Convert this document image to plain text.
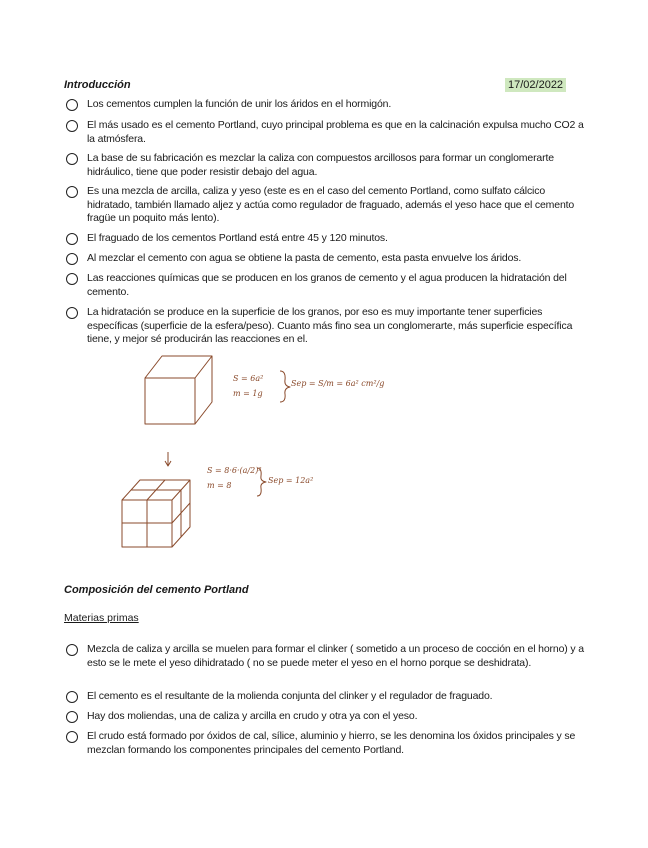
Introducción	17/02/2022
Los cementos cumplen la función de unir los áridos en el hormigón.
El más usado es el cemento Portland, cuyo principal problema es que en la calcinación expulsa mucho CO2 a la atmósfera.
La base de su fabricación es mezclar la caliza con compuestos arcillosos para formar un conglomerarte hidráulico, tiene que poder resistir debajo del agua.
Es una mezcla de arcilla, caliza y yeso (este es en el caso del cemento Portland, como sulfato cálcico hidratado, también llamado aljez y actúa como regulador de fraguado, además el yeso hace que el cemento fragüe un poquito más lento).
El fraguado de los cementos Portland está entre 45 y 120 minutos.
Al mezclar el cemento con agua se obtiene la pasta de cemento, esta pasta envuelve los áridos.
Las reacciones químicas que se producen en los granos de cemento y el agua producen la hidratación del cemento.
La hidratación se produce en la superficie de los granos, por eso es muy importante tener superficies específicas (superficie de la esfera/peso). Cuanto más fino sea un conglomerarte, más superficie específica tiene, y mejor sé producirán las reacciones en el.
S = 6a²
m = 1g
Sep = S/m = 6a² cm²/g
S = 8·6·(a/2)²
m = 8
Sep = 12a²
Composición del cemento Portland
Materias primas
Mezcla de caliza y arcilla se muelen para formar el clinker ( sometido a un proceso de cocción en el horno) y a esto se le mete el yeso dihidratado ( no se puede meter el yeso en el horno porque se deshidrata).
El cemento es el resultante de la molienda conjunta del clinker y el regulador de fraguado.
Hay dos moliendas, una de caliza y arcilla en crudo y otra ya con el yeso.
El crudo está formado por óxidos de cal, sílice, aluminio y hierro, se les denomina los óxidos principales y se mezclan formando los componentes principales del cemento Portland.
